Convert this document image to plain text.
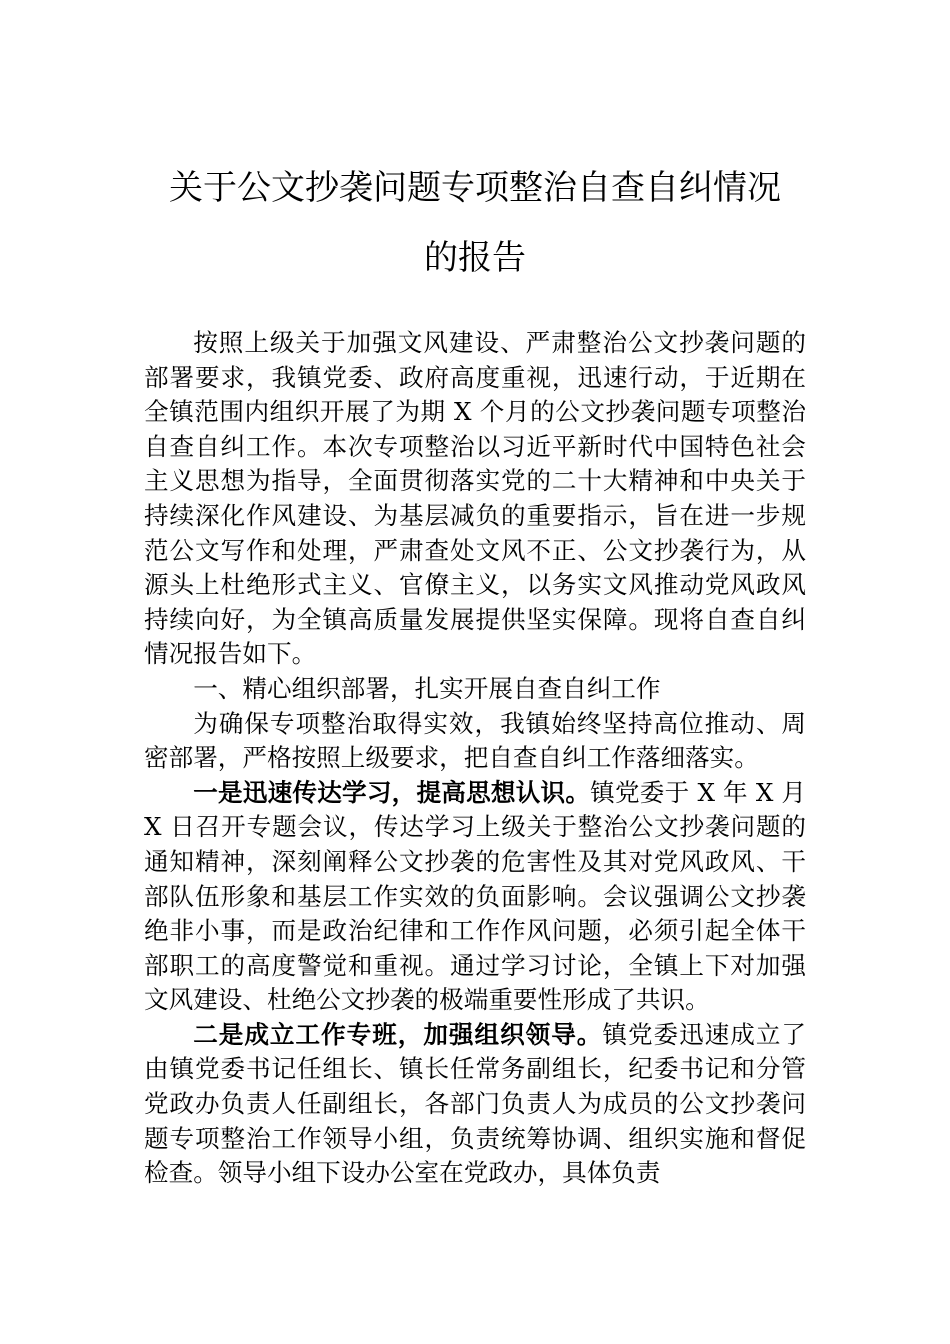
关于公文抄袭问题专项整治自查自纠情况
的报告

按照上级关于加强文风建设、严肃整治公文抄袭问题的部署要求，我镇党委、政府高度重视，迅速行动，于近期在全镇范围内组织开展了为期 X 个月的公文抄袭问题专项整治自查自纠工作。本次专项整治以习近平新时代中国特色社会主义思想为指导，全面贯彻落实党的二十大精神和中央关于持续深化作风建设、为基层减负的重要指示，旨在进一步规范公文写作和处理，严肃查处文风不正、公文抄袭行为，从源头上杜绝形式主义、官僚主义，以务实文风推动党风政风持续向好，为全镇高质量发展提供坚实保障。现将自查自纠情况报告如下。

一、精心组织部署，扎实开展自查自纠工作

为确保专项整治取得实效，我镇始终坚持高位推动、周密部署，严格按照上级要求，把自查自纠工作落细落实。

一是迅速传达学习，提高思想认识。镇党委于 X 年 X 月 X 日召开专题会议，传达学习上级关于整治公文抄袭问题的通知精神，深刻阐释公文抄袭的危害性及其对党风政风、干部队伍形象和基层工作实效的负面影响。会议强调公文抄袭绝非小事，而是政治纪律和工作作风问题，必须引起全体干部职工的高度警觉和重视。通过学习讨论，全镇上下对加强文风建设、杜绝公文抄袭的极端重要性形成了共识。

二是成立工作专班，加强组织领导。镇党委迅速成立了由镇党委书记任组长、镇长任常务副组长，纪委书记和分管党政办负责人任副组长，各部门负责人为成员的公文抄袭问题专项整治工作领导小组，负责统筹协调、组织实施和督促检查。领导小组下设办公室在党政办，具体负责
